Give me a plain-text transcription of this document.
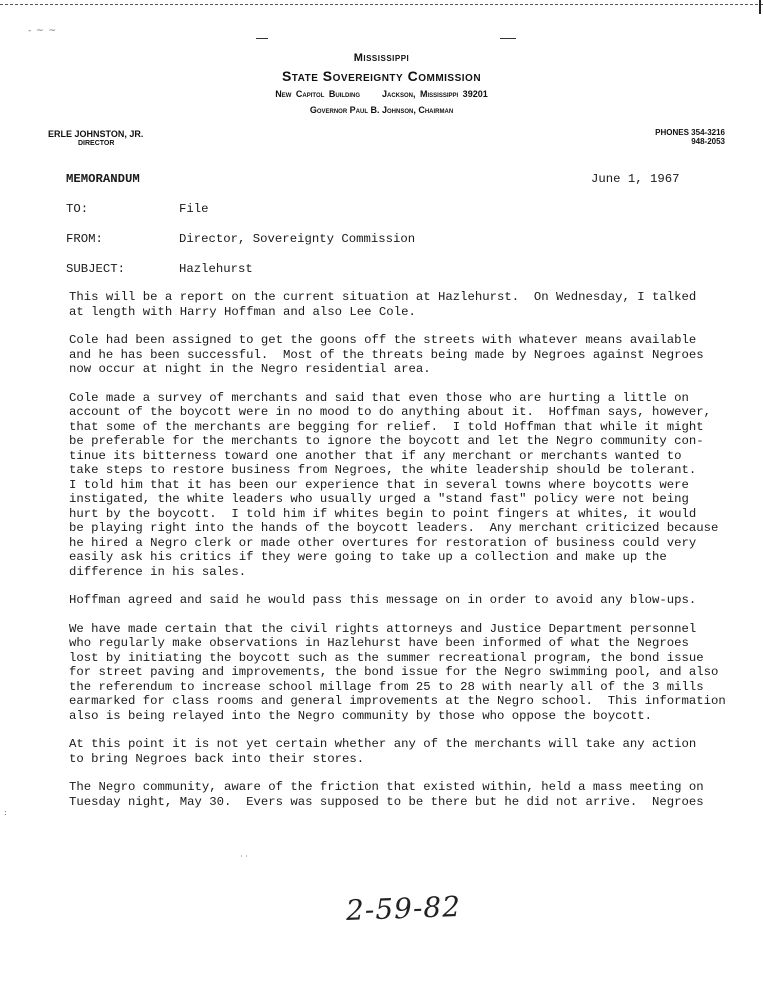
- ~ ~
Mississippi
State Sovereignty Commission
New Capitol Building Jackson, Mississippi 39201
Governor Paul B. Johnson, Chairman
ERLE JOHNSTON, JR.
DIRECTOR
PHONES 354-3216
948-2053
MEMORANDUM	June 1, 1967
TO:	File
FROM:	Director, Sovereignty Commission
SUBJECT:	Hazlehurst

This will be a report on the current situation at Hazlehurst.  On Wednesday, I talked
at length with Harry Hoffman and also Lee Cole.

Cole had been assigned to get the goons off the streets with whatever means available
and he has been successful.  Most of the threats being made by Negroes against Negroes
now occur at night in the Negro residential area.

Cole made a survey of merchants and said that even those who are hurting a little on
account of the boycott were in no mood to do anything about it.  Hoffman says, however,
that some of the merchants are begging for relief.  I told Hoffman that while it might
be preferable for the merchants to ignore the boycott and let the Negro community con-
tinue its bitterness toward one another that if any merchant or merchants wanted to
take steps to restore business from Negroes, the white leadership should be tolerant.
I told him that it has been our experience that in several towns where boycotts were
instigated, the white leaders who usually urged a "stand fast" policy were not being
hurt by the boycott.  I told him if whites begin to point fingers at whites, it would
be playing right into the hands of the boycott leaders.  Any merchant criticized because
he hired a Negro clerk or made other overtures for restoration of business could very
easily ask his critics if they were going to take up a collection and make up the
difference in his sales.

Hoffman agreed and said he would pass this message on in order to avoid any blow-ups.

We have made certain that the civil rights attorneys and Justice Department personnel
who regularly make observations in Hazlehurst have been informed of what the Negroes
lost by initiating the boycott such as the summer recreational program, the bond issue
for street paving and improvements, the bond issue for the Negro swimming pool, and also
the referendum to increase school millage from 25 to 28 with nearly all of the 3 mills
earmarked for class rooms and general improvements at the Negro school.  This information
also is being relayed into the Negro community by those who oppose the boycott.

At this point it is not yet certain whether any of the merchants will take any action
to bring Negroes back into their stores.

The Negro community, aware of the friction that existed within, held a mass meeting on
Tuesday night, May 30.  Evers was supposed to be there but he did not arrive.  Negroes

· ·
:
2-59-82
